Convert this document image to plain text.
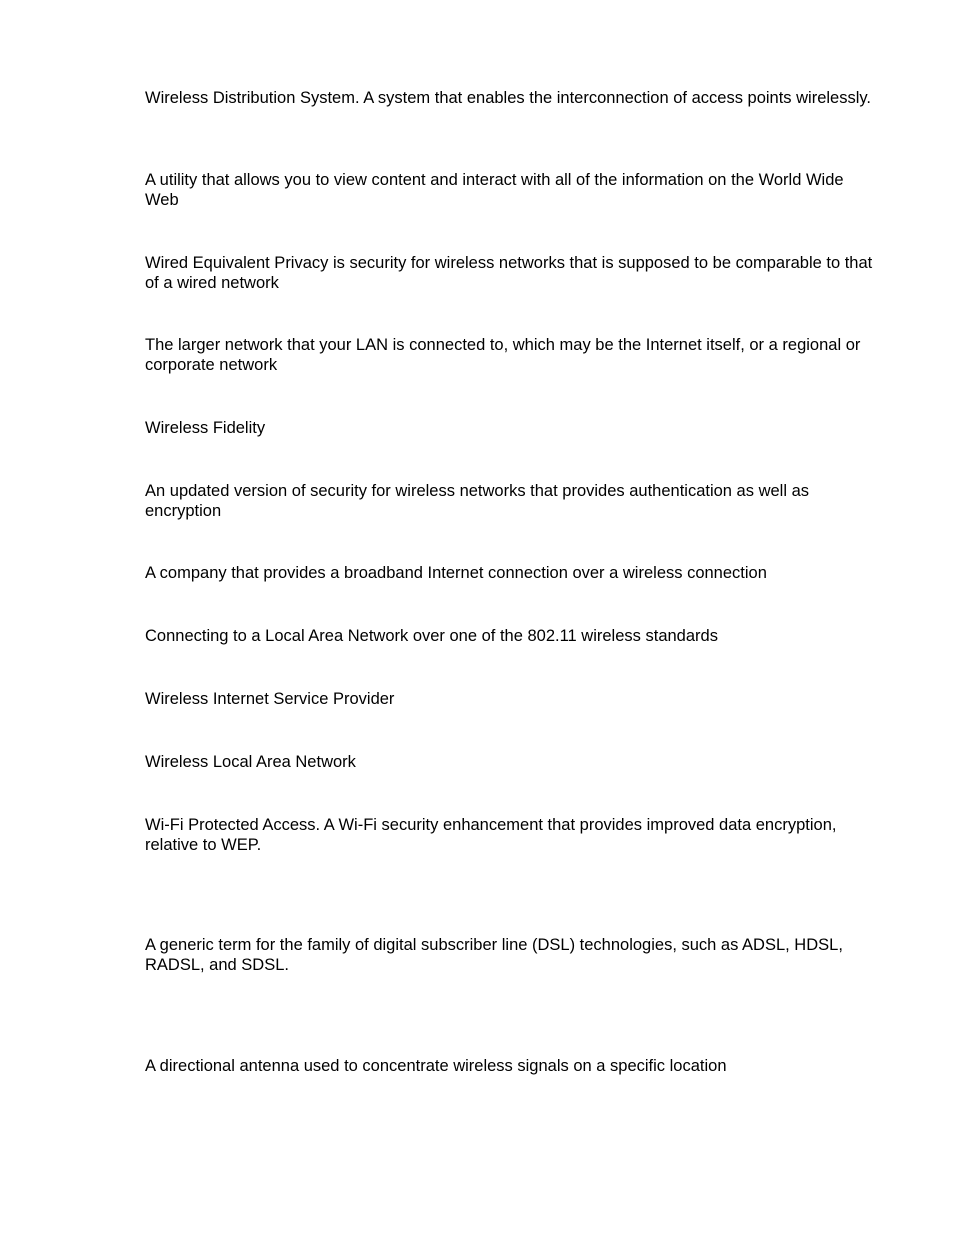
Wireless Distribution System. A system that enables the interconnection of access points wirelessly.

A utility that allows you to view content and interact with all of the information on the World Wide Web

Wired Equivalent Privacy is security for wireless networks that is supposed to be comparable to that of a wired network

The larger network that your LAN is connected to, which may be the Internet itself, or a regional or corporate network

Wireless Fidelity

An updated version of security for wireless networks that provides authentication as well as encryption

A company that provides a broadband Internet connection over a wireless connection

Connecting to a Local Area Network over one of the 802.11 wireless standards

Wireless Internet Service Provider

Wireless Local Area Network

Wi-Fi Protected Access. A Wi-Fi security enhancement that provides improved data encryption, relative to WEP.

A generic term for the family of digital subscriber line (DSL) technologies, such as ADSL, HDSL, RADSL, and SDSL.

A directional antenna used to concentrate wireless signals on a specific location
